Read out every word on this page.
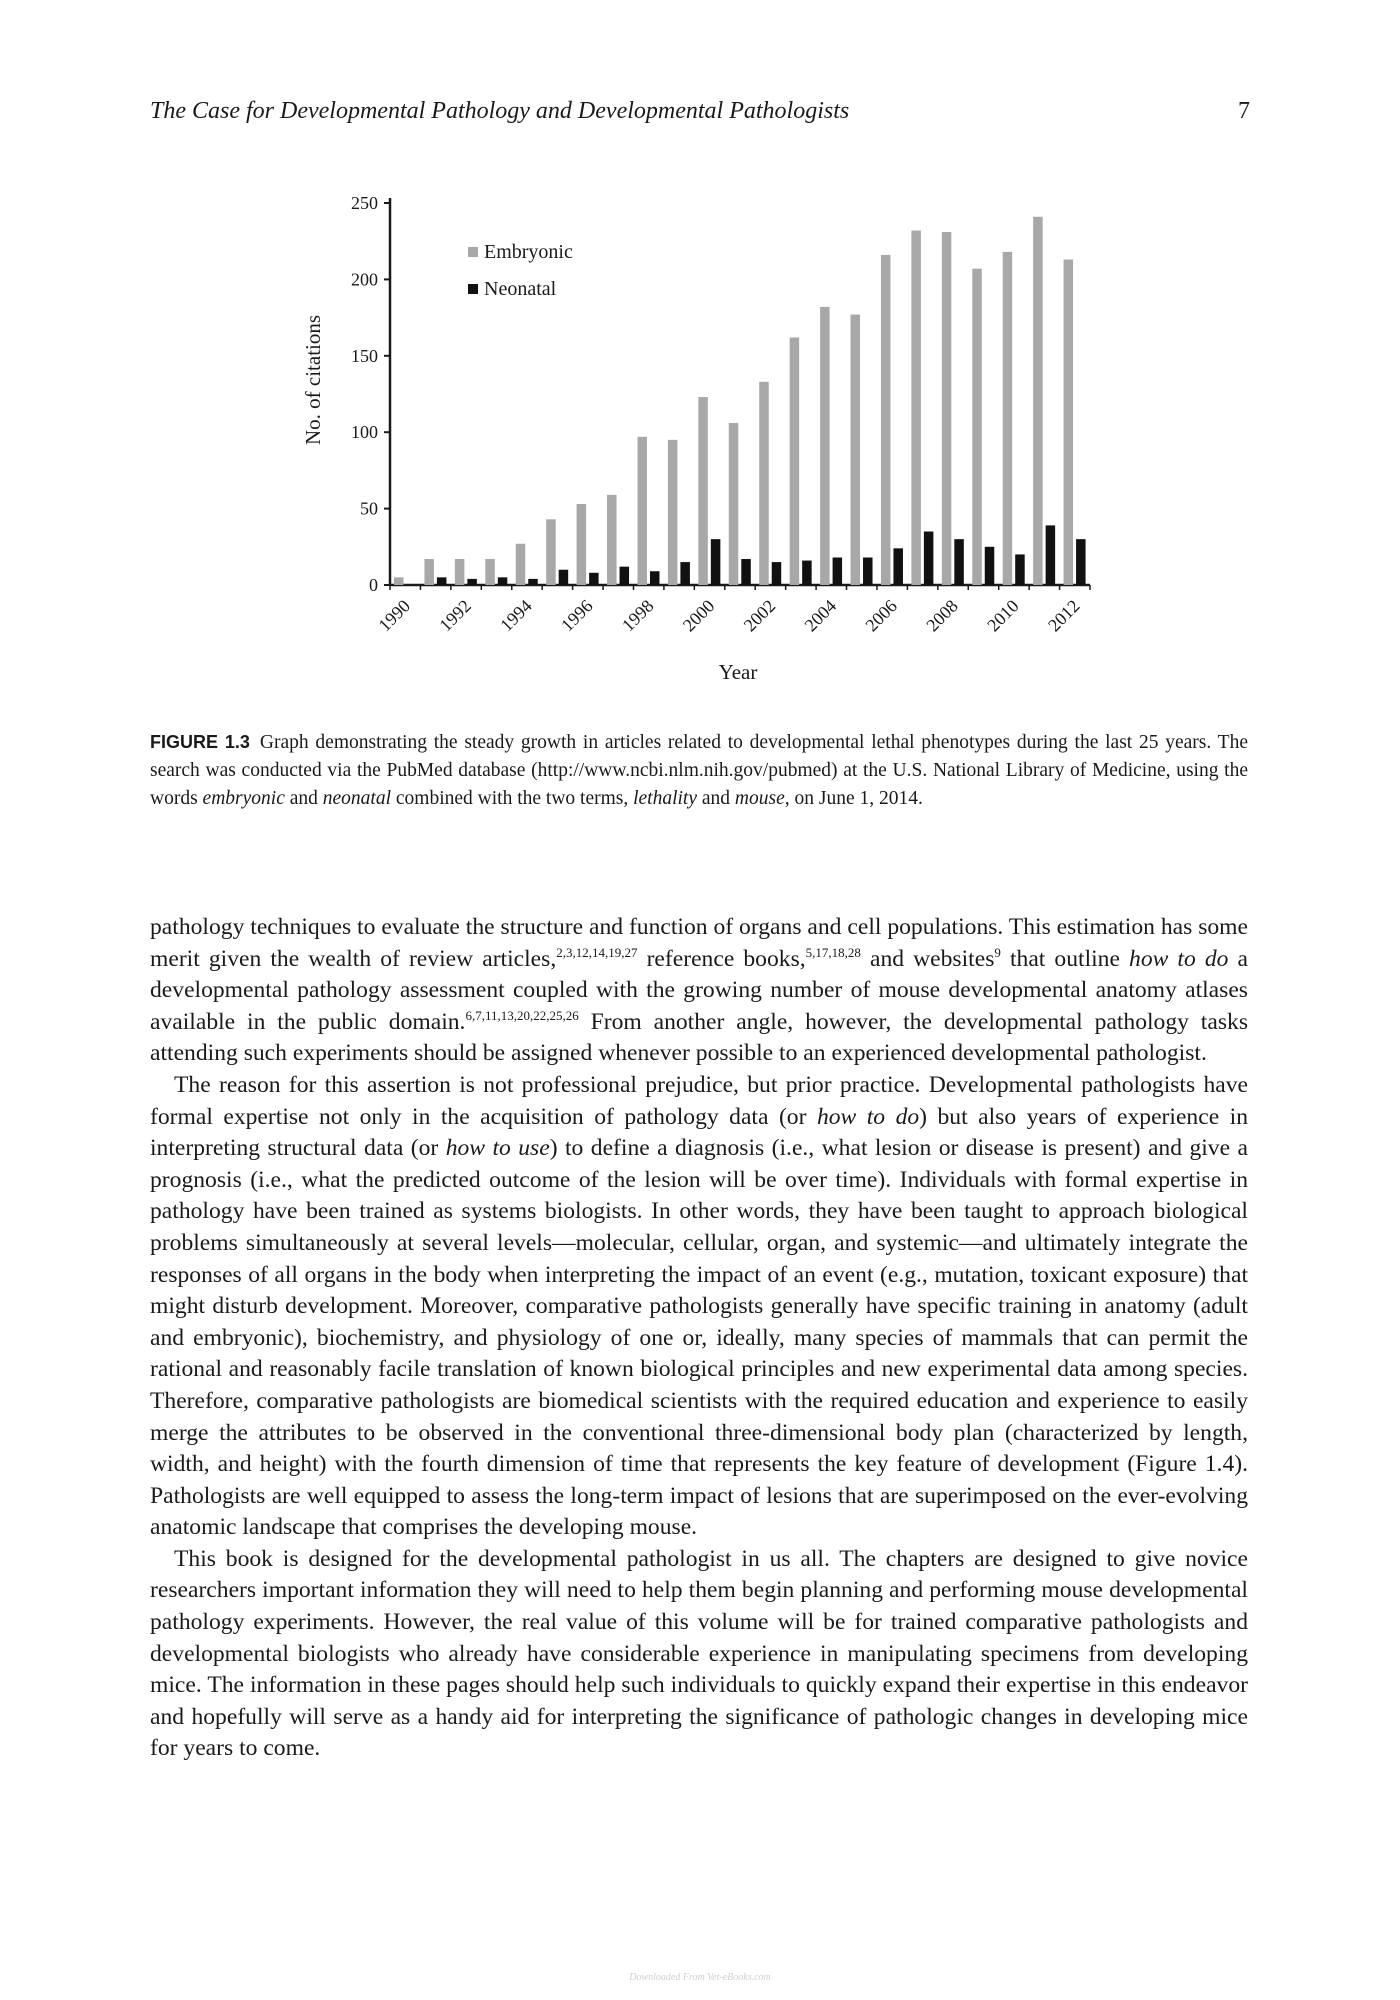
The Case for Developmental Pathology and Developmental Pathologists	7
0
50
100
150
200
250
1990 1992 1994 1996 1998 2000 2002 2004 2006 2008 2010 2012
Embryonic
Neonatal
No. of citations
Year
FIGURE 1.3 Graph demonstrating the steady growth in articles related to developmental lethal phenotypes during the last 25 years. The search was conducted via the PubMed database (http://www.ncbi.nlm.nih.gov/pubmed) at the U.S. National Library of Medicine, using the words embryonic and neonatal combined with the two terms, lethality and mouse, on June 1, 2014.

pathology techniques to evaluate the structure and function of organs and cell populations. This estimation has some merit given the wealth of review articles,$^{2,3,12,14,19,27}$ reference books,$^{5,17,18,28}$ and websites$^9$ that outline how to do a developmental pathology assessment coupled with the growing number of mouse developmental anatomy atlases available in the public domain.$^{6,7,11,13,20,22,25,26}$ From another angle, however, the developmental pathology tasks attending such experiments should be assigned whenever possible to an experienced developmental pathologist.

The reason for this assertion is not professional prejudice, but prior practice. Developmental pathologists have formal expertise not only in the acquisition of pathology data (or how to do) but also years of experience in interpreting structural data (or how to use) to define a diagnosis (i.e., what lesion or disease is present) and give a prognosis (i.e., what the predicted outcome of the lesion will be over time). Individuals with formal expertise in pathology have been trained as systems biologists. In other words, they have been taught to approach biological problems simultaneously at several levels—molecular, cellular, organ, and systemic—and ultimately integrate the responses of all organs in the body when interpreting the impact of an event (e.g., mutation, toxicant exposure) that might disturb development. Moreover, comparative pathologists generally have specific training in anatomy (adult and embryonic), biochemistry, and physiology of one or, ideally, many species of mammals that can permit the rational and reasonably facile translation of known biological principles and new experimental data among species. Therefore, comparative pathologists are biomedical scientists with the required education and experience to easily merge the attributes to be observed in the conventional three-dimensional body plan (characterized by length, width, and height) with the fourth dimension of time that represents the key feature of development (Figure 1.4). Pathologists are well equipped to assess the long-term impact of lesions that are superimposed on the ever-evolving anatomic landscape that comprises the developing mouse.

This book is designed for the developmental pathologist in us all. The chapters are designed to give novice researchers important information they will need to help them begin planning and performing mouse developmental pathology experiments. However, the real value of this volume will be for trained comparative pathologists and developmental biologists who already have considerable experience in manipulating specimens from developing mice. The information in these pages should help such individuals to quickly expand their expertise in this endeavor and hopefully will serve as a handy aid for interpreting the significance of pathologic changes in developing mice for years to come.

Downloaded From Vet-eBooks.com
